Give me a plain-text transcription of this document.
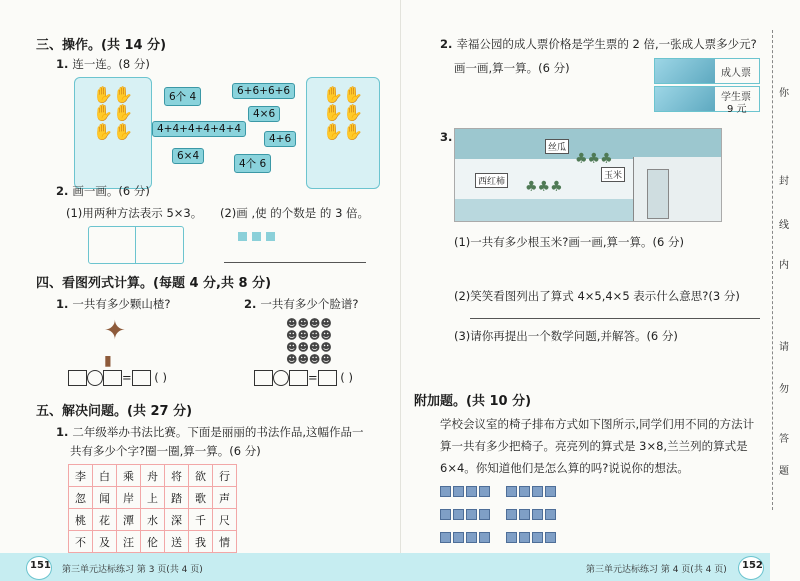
三、操作。(共 14 分)
1. 连一连。(8 分)
✋✋
✋✋
✋✋
✋✋
✋✋
✋✋
6个 4	6+6+6+6
4×6
4+4+4+4+4+4
4+6
6×4
4个 6
2. 画一画。(6 分)
(1)用两种方法表示 5×3。 (2)画 ,使 的个数是 的 3 倍。

四、看图列式计算。(每题 4 分,共 8 分)
1. 一共有多少颗山楂?	2. 一共有多少个脸谱?
✦
▮
☻☻☻☻
☻☻☻☻
☻☻☻☻
☻☻☻☻
= ( )	= ( )
五、解决问题。(共 27 分)
1. 二年级举办书法比赛。下面是丽丽的书法作品,这幅作品一
共有多少个字?圈一圈,算一算。(6 分)
李	白	乘	舟	将	欲	行
忽	闻	岸	上	踏	歌	声
桃	花	潭	水	深	千	尺
不	及	汪	伦	送	我	情
151 第三单元达标练习 第 3 页(共 4 页)
2. 幸福公园的成人票价格是学生票的 2 倍,一张成人票多少元?
画一画,算一算。(6 分)	成人票
学生票
9 元
3.
丝瓜
西红柿
玉米
♣♣♣
♣♣♣
(1)一共有多少根玉米?画一画,算一算。(6 分)
(2)笑笑看图列出了算式 4×5,4×5 表示什么意思?(3 分)
(3)请你再提出一个数学问题,并解答。(6 分)
附加题。(共 10 分)
学校会议室的椅子排布方式如下图所示,同学们用不同的方法计
算一共有多少把椅子。亮亮列的算式是 3×8,兰兰列的算式是
6×4。你知道他们是怎么算的吗?说说你的想法。
第三单元达标练习 第 4 页(共 4 页) 152
你
封
线
内
请
勿
答
题
